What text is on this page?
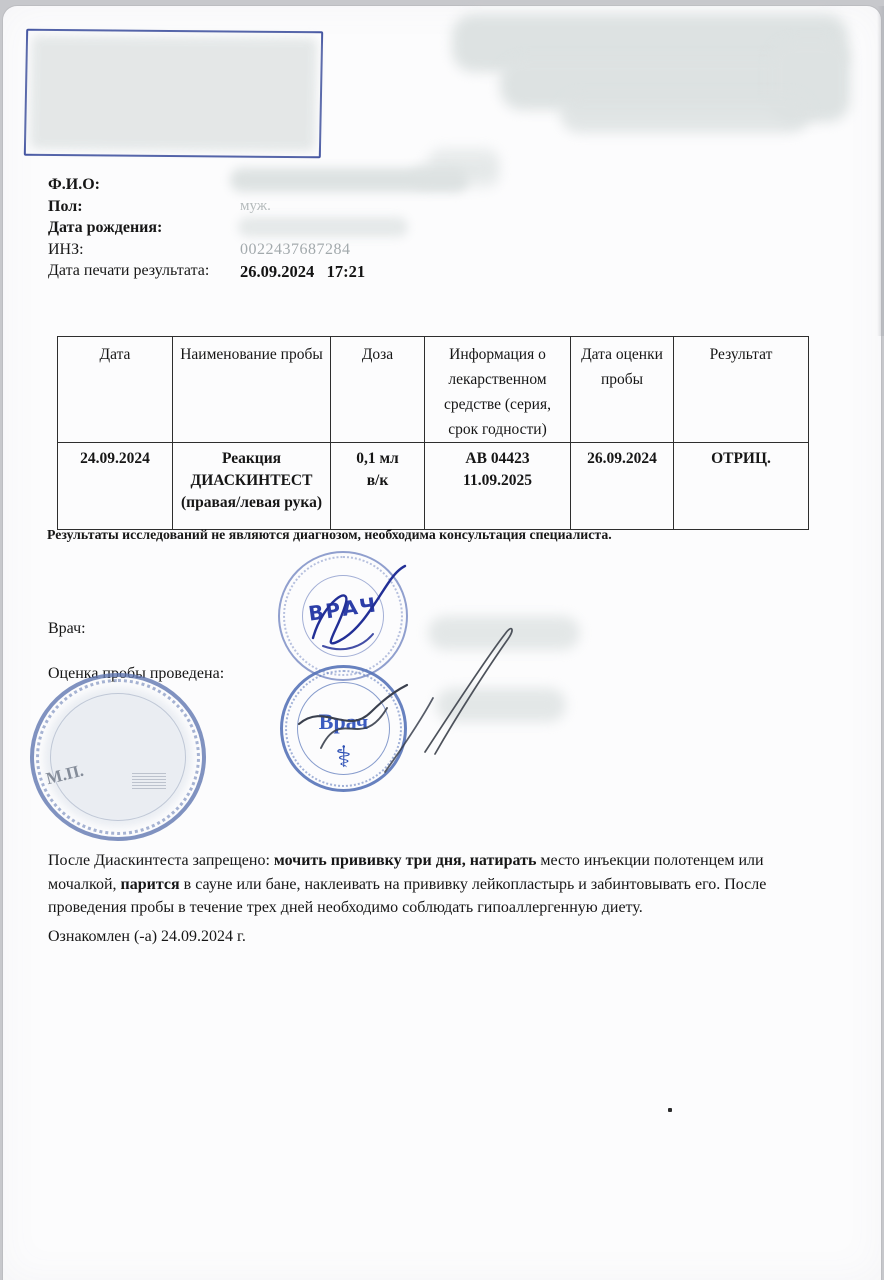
Ф.И.О:
Пол:	муж.
Дата рождения:
ИНЗ:	0022437687284
Дата печати результата:	26.09.2024   17:21
Дата	Наименование пробы	Доза	Информация о лекарственном средстве (серия, срок годности)	Дата оценки пробы	Результат
24.09.2024	Реакция ДИАСКИНТЕСТ (правая/левая рука)	0,1 мл в/к	АВ 04423 11.09.2025	26.09.2024	ОТРИЦ.
Результаты исследований не являются диагнозом, необходима консультация специалиста.
Врач:
Оценка пробы проведена:
ВРАЧ
М.П.
Врач
⚕
После Диаскинтеста запрещено: мочить прививку три дня, натирать место инъекции полотенцем или мочалкой, парится в сауне или бане, наклеивать на прививку лейкопластырь и забинтовывать его. После проведения пробы в течение трех дней необходимо соблюдать гипоаллергенную диету.
Ознакомлен (-а) 24.09.2024 г.
